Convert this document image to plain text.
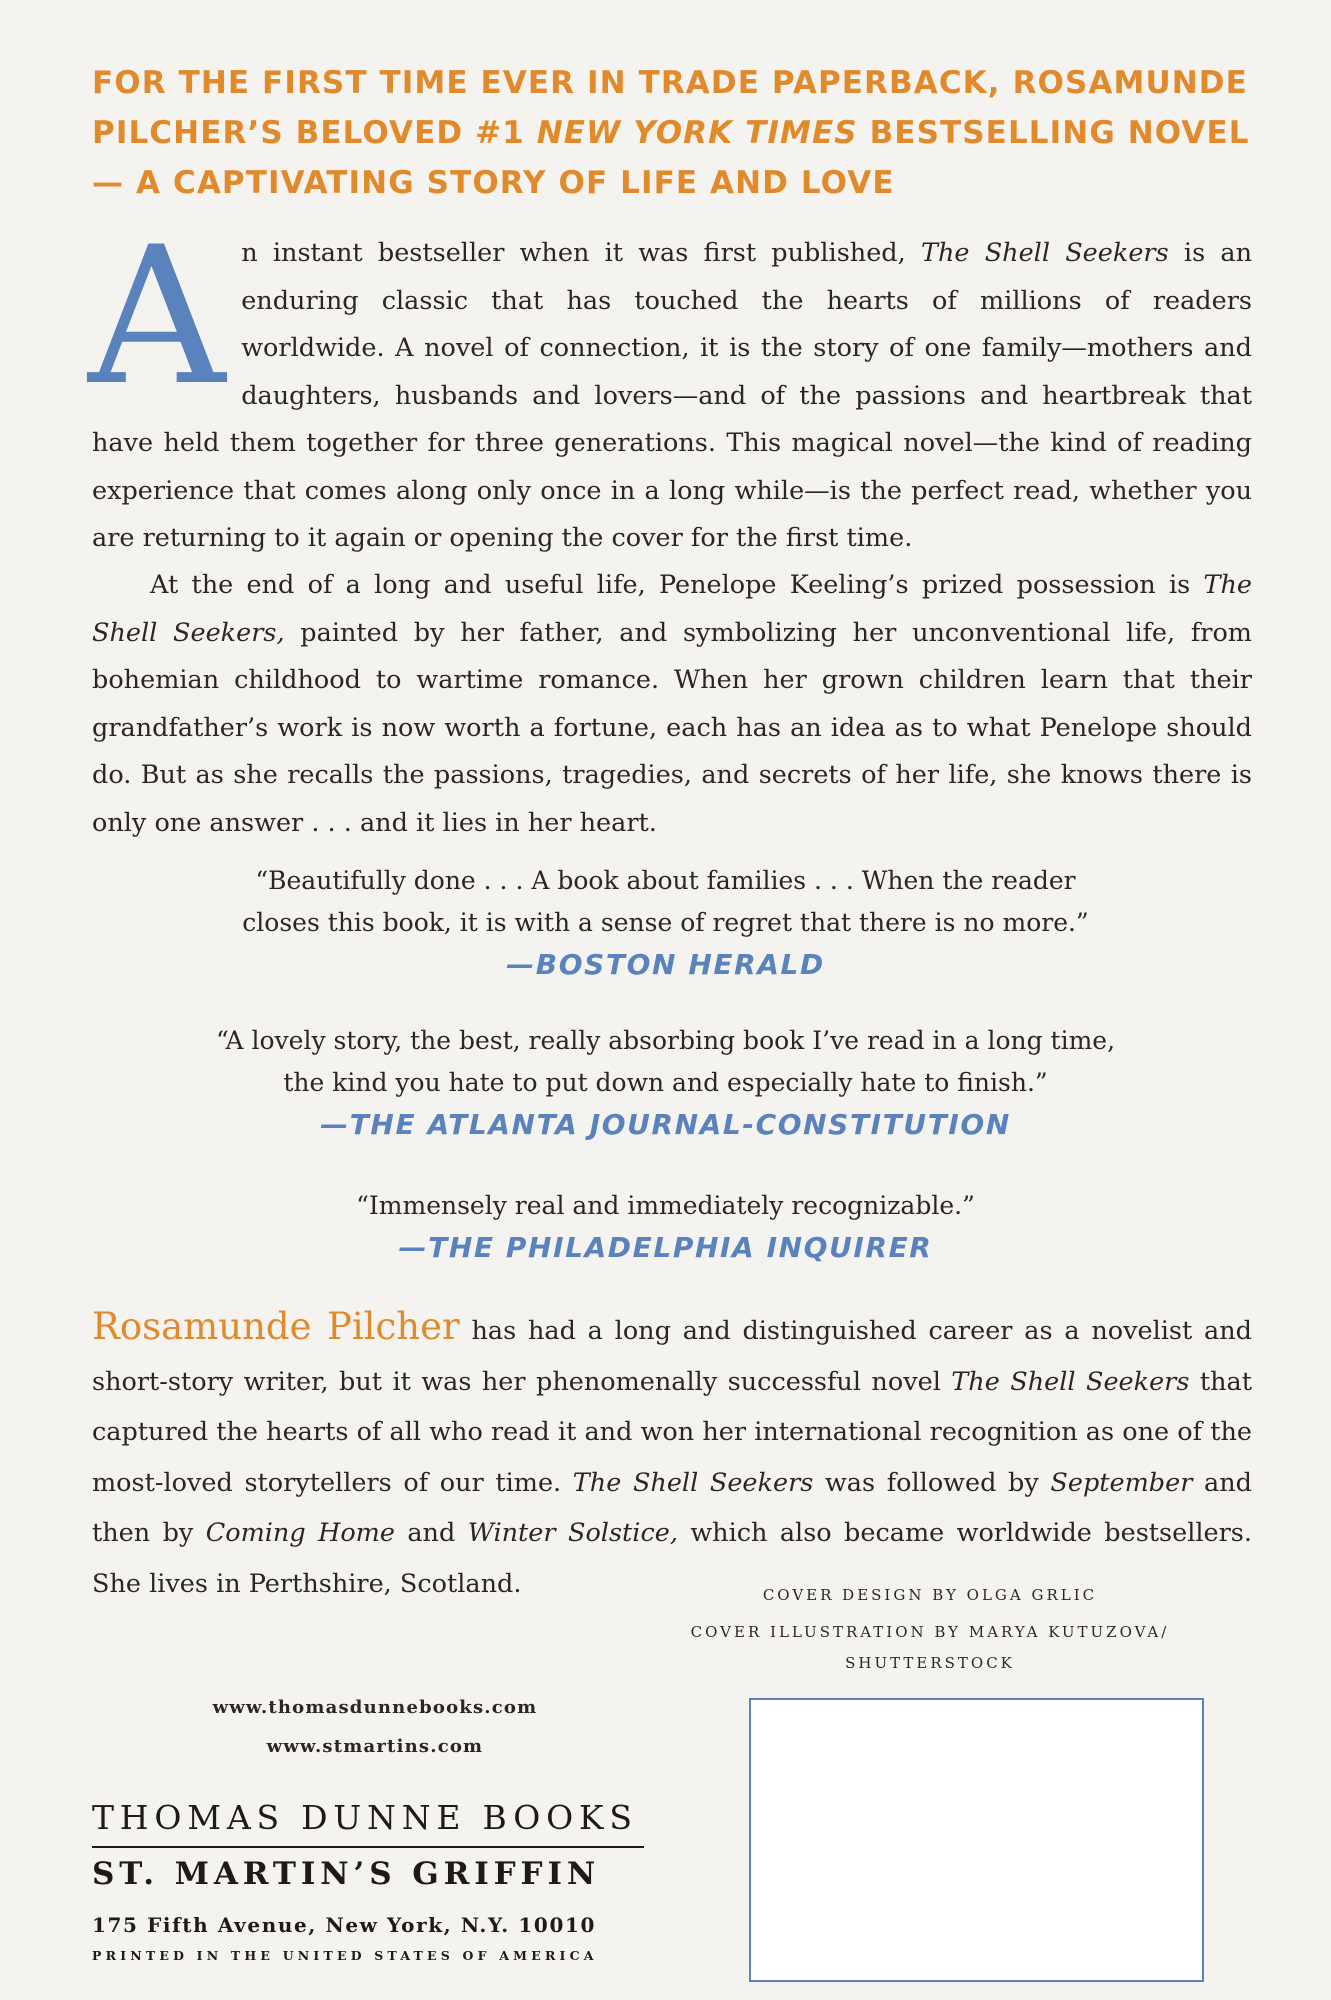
FOR THE FIRST TIME EVER IN TRADE PAPERBACK, ROSAMUNDE PILCHER’S BELOVED #1 NEW YORK TIMES BESTSELLING NOVEL— A CAPTIVATING STORY OF LIFE AND LOVE
An instant bestseller when it was first published, The Shell Seekers is an enduring classic that has touched the hearts of millions of readers worldwide. A novel of connection, it is the story of one family—mothers and daughters, husbands and lovers—and of the passions and heartbreak that have held them together for three generations. This magical novel—the kind of reading experience that comes along only once in a long while—is the perfect read, whether you are returning to it again or opening the cover for the first time.
At the end of a long and useful life, Penelope Keeling’s prized possession is The Shell Seekers, painted by her father, and symbolizing her unconventional life, from bohemian childhood to wartime romance. When her grown children learn that their grandfather’s work is now worth a fortune, each has an idea as to what Penelope should do. But as she recalls the passions, tragedies, and secrets of her life, she knows there is only one answer . . . and it lies in her heart.
“Beautifully done . . . A book about families . . . When the reader
closes this book, it is with a sense of regret that there is no more.”
—BOSTON HERALD
“A lovely story, the best, really absorbing book I’ve read in a long time,
the kind you hate to put down and especially hate to finish.”
—THE ATLANTA JOURNAL-CONSTITUTION
“Immensely real and immediately recognizable.”
—THE PHILADELPHIA INQUIRER
Rosamunde Pilcher has had a long and distinguished career as a novelist and short-story writer, but it was her phenomenally successful novel The Shell Seekers that captured the hearts of all who read it and won her international recognition as one of the most-loved storytellers of our time. The Shell Seekers was followed by September and then by Coming Home and Winter Solstice, which also became worldwide bestsellers. She lives in Perthshire, Scotland.	COVER DESIGN BY OLGA GRLIC
COVER ILLUSTRATION BY MARYA KUTUZOVA/
SHUTTERSTOCK
www.thomasdunnebooks.com
www.stmartins.com
THOMAS DUNNE BOOKS
ST. MARTIN’S GRIFFIN
175 Fifth Avenue, New York, N.Y. 10010
PRINTED IN THE UNITED STATES OF AMERICA
